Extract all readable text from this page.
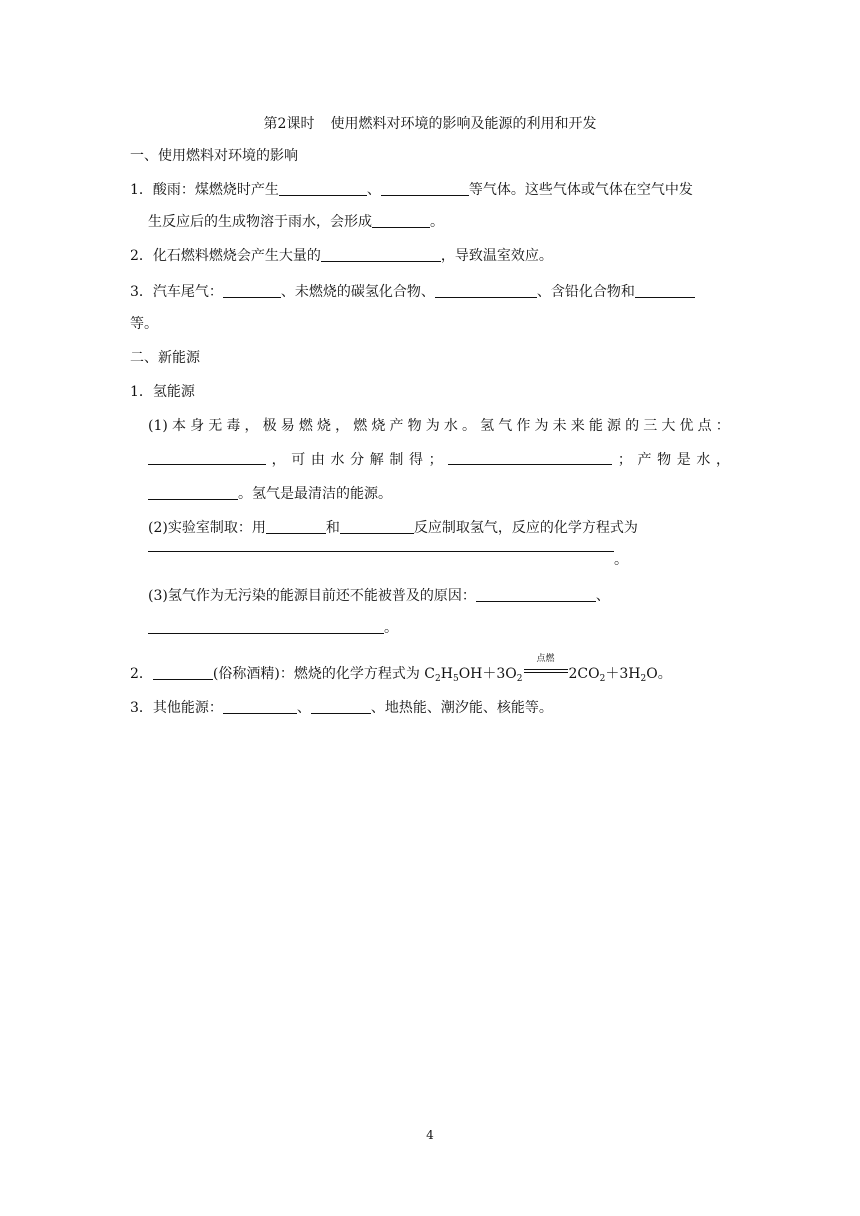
第2课时 使用燃料对环境的影响及能源的利用和开发
一、使用燃料对环境的影响
1．酸雨：煤燃烧时产生	、	等气体。这些气体或气体在空气中发
生反应后的生成物溶于雨水，会形成	。
2．化石燃料燃烧会产生大量的	，导致温室效应。
3．汽车尾气：	、未燃烧的碳氢化合物、	、含铅化合物和
等。
二、新能源
1．氢能源
(1) 本 身 无 毒 ， 极 易 燃 烧 ， 燃 烧 产 物 为 水 。 氢 气 作 为 未 来 能 源 的 三 大 优 点 ：
， 可 由 水 分 解 制 得 ；	； 产 物 是 水 ，
。氢气是最清洁的能源。
(2)实验室制取：用	和	反应制取氢气，反应的化学方程式为
。
(3)氢气作为无污染的能源目前还不能被普及的原因：	、
。
2．	(俗称酒精)：燃烧的化学方程式为 $C_2H_5OH+3O_2$
点燃
$2CO_2+3H_2O$。
3．其他能源：	、	、地热能、潮汐能、核能等。
4
